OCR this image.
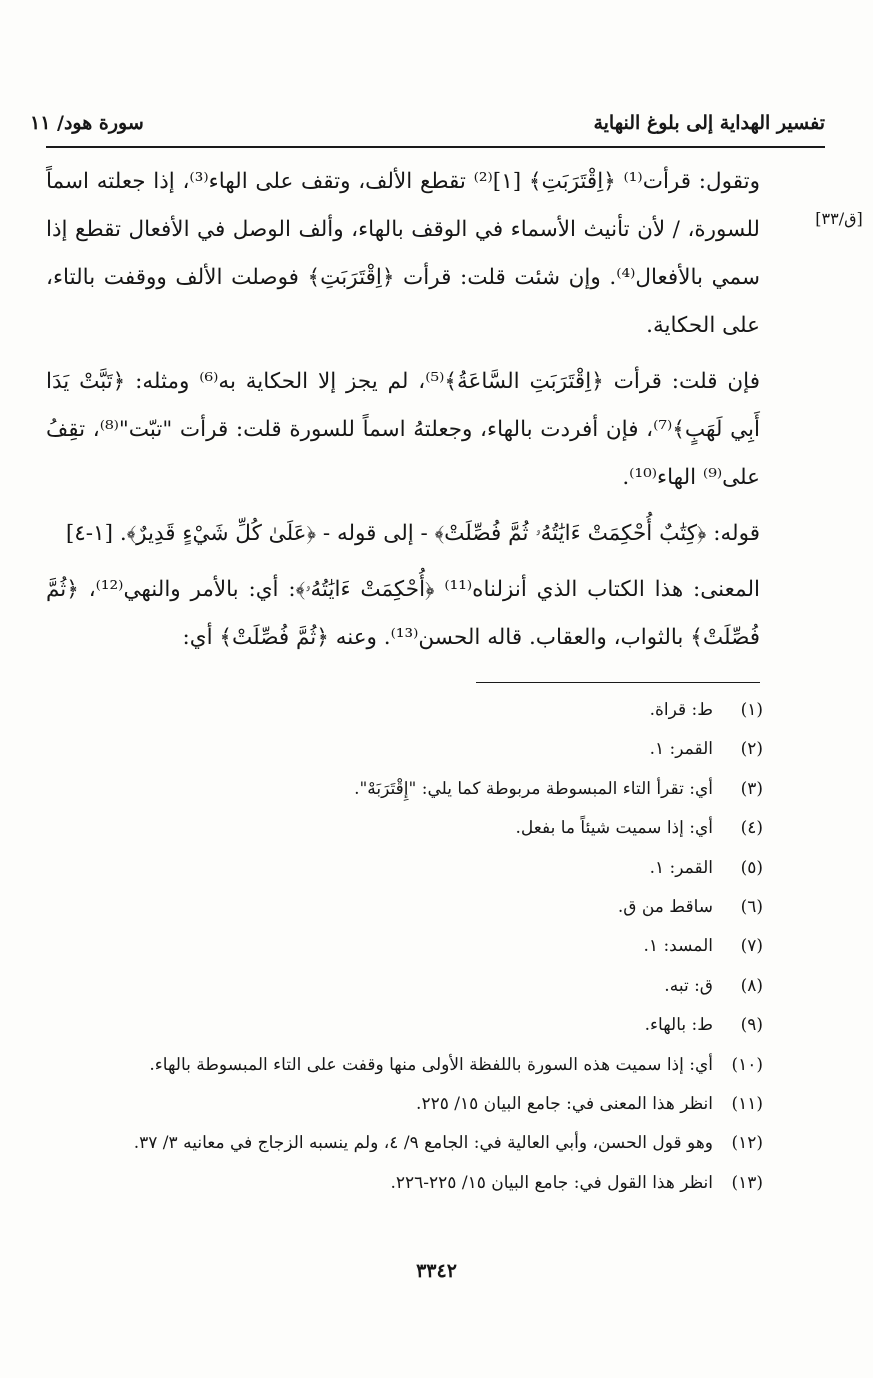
تفسير الهداية إلى بلوغ النهاية
سورة هود/ ١١
[ق/٣٣]

وتقول: قرأت⁽¹⁾ ﴿اِقْتَرَبَتِ﴾ [١]⁽²⁾ تقطع الألف، وتقف على الهاء⁽³⁾، إذا جعلته اسماً للسورة، / لأن تأنيث الأسماء في الوقف بالهاء، وألف الوصل في الأفعال تقطع إذا سمي بالأفعال⁽⁴⁾. وإن شئت قلت: قرأت ﴿اِقْتَرَبَتِ﴾ فوصلت الألف ووقفت بالتاء، على الحكاية.

فإن قلت: قرأت ﴿اِقْتَرَبَتِ السَّاعَةُ﴾⁽⁵⁾، لم يجز إلا الحكاية به⁽⁶⁾ ومثله: ﴿تَبَّتْ يَدَا أَبِي لَهَبٍ﴾⁽⁷⁾، فإن أفردت بالهاء، وجعلتهُ اسماً للسورة قلت: قرأت "تبّت"⁽⁸⁾، تقِفُ على⁽⁹⁾ الهاء⁽¹⁰⁾.

قوله: ﴿كِتَٰبٌ أُحْكِمَتْ ءَايَٰتُهُۥ ثُمَّ فُصِّلَتْ﴾ - إلى قوله - ﴿عَلَىٰ كُلِّ شَيْءٍ قَدِيرٌ﴾. [١-٤]

المعنى: هذا الكتاب الذي أنزلناه⁽¹¹⁾ ﴿أُحْكِمَتْ ءَايَٰتُهُۥ﴾: أي: بالأمر والنهي⁽¹²⁾، ﴿ثُمَّ فُصِّلَتْ﴾ بالثواب، والعقاب. قاله الحسن⁽¹³⁾. وعنه ﴿ثُمَّ فُصِّلَتْ﴾ أي:

(١)
ط: قراة.
(٢)
القمر: ١.
(٣)
أي: تقرأ التاء المبسوطة مربوطة كما يلي: "إِقْتَرَبَهْ".
(٤)
أي: إذا سميت شيئاً ما بفعل.
(٥)
القمر: ١.
(٦)
ساقط من ق.
(٧)
المسد: ١.
(٨)
ق: تبه.
(٩)
ط: بالهاء.
(١٠)
أي: إذا سميت هذه السورة باللفظة الأولى منها وقفت على التاء المبسوطة بالهاء.
(١١)
انظر هذا المعنى في: جامع البيان ١٥/ ٢٢٥.
(١٢)
وهو قول الحسن، وأبي العالية في: الجامع ٩/ ٤، ولم ينسبه الزجاج في معانيه ٣/ ٣٧.
(١٣)
انظر هذا القول في: جامع البيان ١٥/ ٢٢٥-٢٢٦.
٣٣٤٢
